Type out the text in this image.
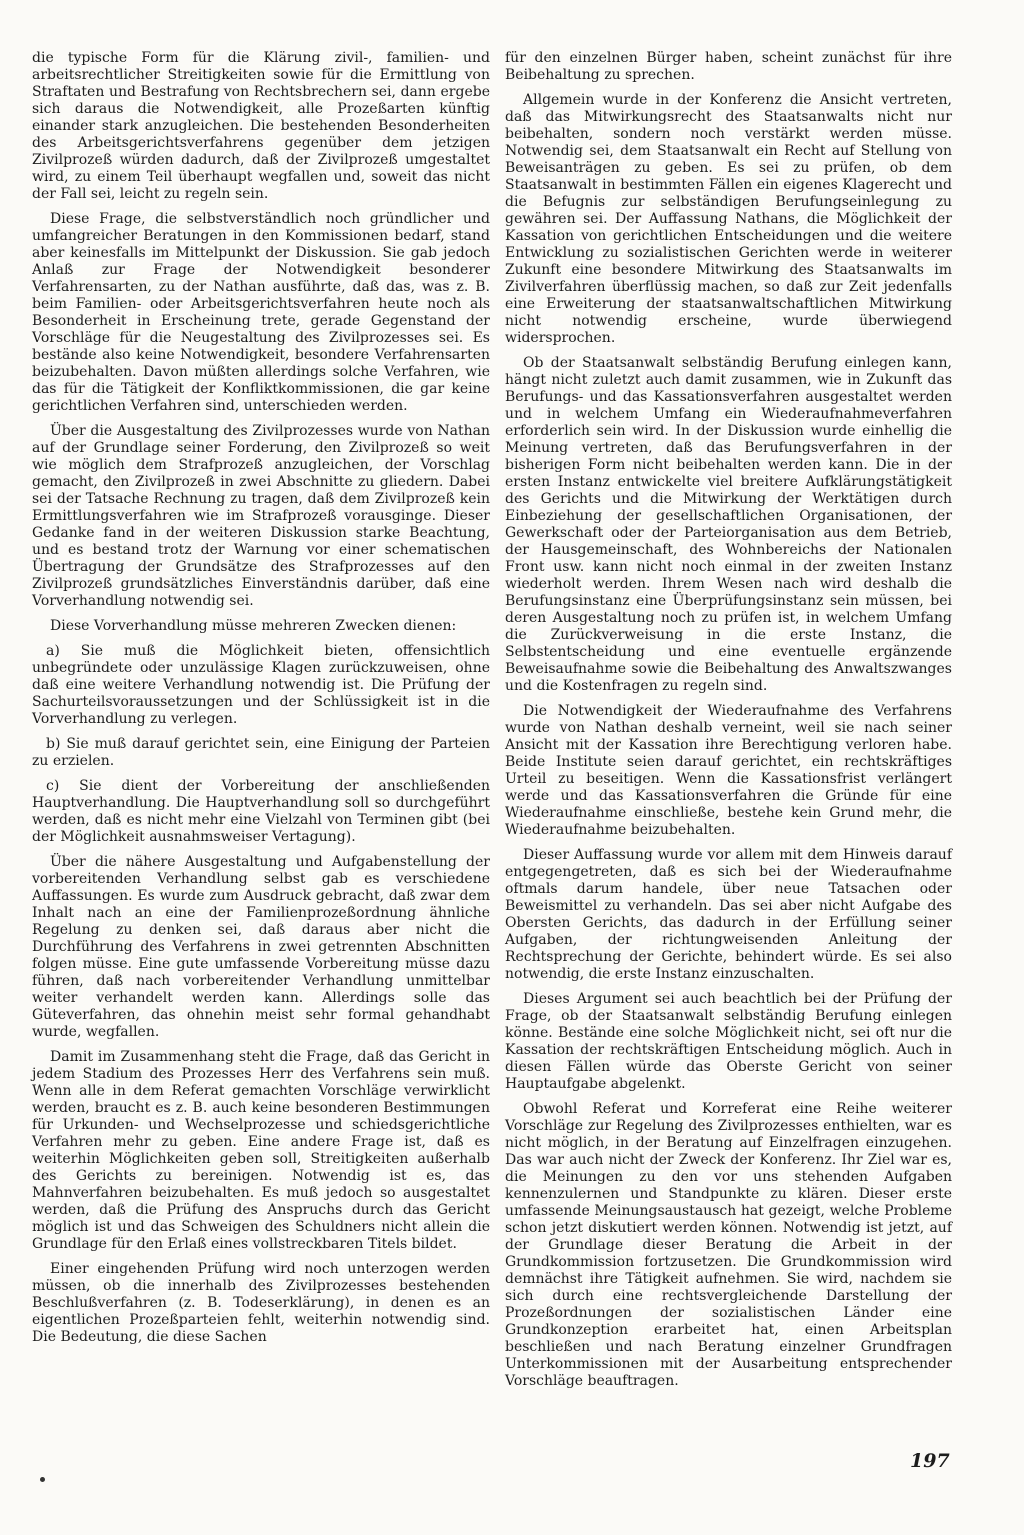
die typische Form für die Klärung zivil-, familien- und arbeitsrechtlicher Streitigkeiten sowie für die Ermittlung von Straftaten und Bestrafung von Rechtsbrechern sei, dann ergebe sich daraus die Notwendigkeit, alle Prozeßarten künftig einander stark anzugleichen. Die bestehenden Besonderheiten des Arbeitsgerichtsverfahrens gegenüber dem jetzigen Zivilprozeß würden dadurch, daß der Zivilprozeß umgestaltet wird, zu einem Teil überhaupt wegfallen und, soweit das nicht der Fall sei, leicht zu regeln sein.

Diese Frage, die selbstverständlich noch gründlicher und umfangreicher Beratungen in den Kommissionen bedarf, stand aber keinesfalls im Mittelpunkt der Diskussion. Sie gab jedoch Anlaß zur Frage der Notwendigkeit besonderer Verfahrensarten, zu der Nathan ausführte, daß das, was z. B. beim Familien- oder Arbeitsgerichtsverfahren heute noch als Besonderheit in Erscheinung trete, gerade Gegenstand der Vorschläge für die Neugestaltung des Zivilprozesses sei. Es bestände also keine Notwendigkeit, besondere Verfahrensarten beizubehalten. Davon müßten allerdings solche Verfahren, wie das für die Tätigkeit der Konfliktkommissionen, die gar keine gerichtlichen Verfahren sind, unterschieden werden.

Über die Ausgestaltung des Zivilprozesses wurde von Nathan auf der Grundlage seiner Forderung, den Zivilprozeß so weit wie möglich dem Strafprozeß anzugleichen, der Vorschlag gemacht, den Zivilprozeß in zwei Abschnitte zu gliedern. Dabei sei der Tatsache Rechnung zu tragen, daß dem Zivilprozeß kein Ermittlungsverfahren wie im Strafprozeß vorausginge. Dieser Gedanke fand in der weiteren Diskussion starke Beachtung, und es bestand trotz der Warnung vor einer schematischen Übertragung der Grundsätze des Strafprozesses auf den Zivilprozeß grundsätzliches Einverständnis darüber, daß eine Vorverhandlung notwendig sei.

Diese Vorverhandlung müsse mehreren Zwecken dienen:

a) Sie muß die Möglichkeit bieten, offensichtlich unbegründete oder unzulässige Klagen zurückzuweisen, ohne daß eine weitere Verhandlung notwendig ist. Die Prüfung der Sachurteilsvoraussetzungen und der Schlüssigkeit ist in die Vorverhandlung zu verlegen.

b) Sie muß darauf gerichtet sein, eine Einigung der Parteien zu erzielen.

c) Sie dient der Vorbereitung der anschließenden Hauptverhandlung. Die Hauptverhandlung soll so durchgeführt werden, daß es nicht mehr eine Vielzahl von Terminen gibt (bei der Möglichkeit ausnahmsweiser Vertagung).

Über die nähere Ausgestaltung und Aufgabenstellung der vorbereitenden Verhandlung selbst gab es verschiedene Auffassungen. Es wurde zum Ausdruck gebracht, daß zwar dem Inhalt nach an eine der Familienprozeßordnung ähnliche Regelung zu denken sei, daß daraus aber nicht die Durchführung des Verfahrens in zwei getrennten Abschnitten folgen müsse. Eine gute umfassende Vorbereitung müsse dazu führen, daß nach vorbereitender Verhandlung unmittelbar weiter verhandelt werden kann. Allerdings solle das Güteverfahren, das ohnehin meist sehr formal gehandhabt wurde, wegfallen.

Damit im Zusammenhang steht die Frage, daß das Gericht in jedem Stadium des Prozesses Herr des Verfahrens sein muß. Wenn alle in dem Referat gemachten Vorschläge verwirklicht werden, braucht es z. B. auch keine besonderen Bestimmungen für Urkunden- und Wechselprozesse und schiedsgerichtliche Verfahren mehr zu geben. Eine andere Frage ist, daß es weiterhin Möglichkeiten geben soll, Streitigkeiten außerhalb des Gerichts zu bereinigen. Notwendig ist es, das Mahnverfahren beizubehalten. Es muß jedoch so ausgestaltet werden, daß die Prüfung des Anspruchs durch das Gericht möglich ist und das Schweigen des Schuldners nicht allein die Grundlage für den Erlaß eines vollstreckbaren Titels bildet.

Einer eingehenden Prüfung wird noch unterzogen werden müssen, ob die innerhalb des Zivilprozesses bestehenden Beschlußverfahren (z. B. Todeserklärung), in denen es an eigentlichen Prozeßparteien fehlt, weiterhin notwendig sind. Die Bedeutung, die diese Sachen

für den einzelnen Bürger haben, scheint zunächst für ihre Beibehaltung zu sprechen.

Allgemein wurde in der Konferenz die Ansicht vertreten, daß das Mitwirkungsrecht des Staatsanwalts nicht nur beibehalten, sondern noch verstärkt werden müsse. Notwendig sei, dem Staatsanwalt ein Recht auf Stellung von Beweisanträgen zu geben. Es sei zu prüfen, ob dem Staatsanwalt in bestimmten Fällen ein eigenes Klagerecht und die Befugnis zur selbständigen Berufungseinlegung zu gewähren sei. Der Auffassung Nathans, die Möglichkeit der Kassation von gerichtlichen Entscheidungen und die weitere Entwicklung zu sozialistischen Gerichten werde in weiterer Zukunft eine besondere Mitwirkung des Staatsanwalts im Zivilverfahren überflüssig machen, so daß zur Zeit jedenfalls eine Erweiterung der staatsanwaltschaftlichen Mitwirkung nicht notwendig erscheine, wurde überwiegend widersprochen.

Ob der Staatsanwalt selbständig Berufung einlegen kann, hängt nicht zuletzt auch damit zusammen, wie in Zukunft das Berufungs- und das Kassationsverfahren ausgestaltet werden und in welchem Umfang ein Wiederaufnahmeverfahren erforderlich sein wird. In der Diskussion wurde einhellig die Meinung vertreten, daß das Berufungsverfahren in der bisherigen Form nicht beibehalten werden kann. Die in der ersten Instanz entwickelte viel breitere Aufklärungstätigkeit des Gerichts und die Mitwirkung der Werktätigen durch Einbeziehung der gesellschaftlichen Organisationen, der Gewerkschaft oder der Parteiorganisation aus dem Betrieb, der Hausgemeinschaft, des Wohnbereichs der Nationalen Front usw. kann nicht noch einmal in der zweiten Instanz wiederholt werden. Ihrem Wesen nach wird deshalb die Berufungsinstanz eine Überprüfungsinstanz sein müssen, bei deren Ausgestaltung noch zu prüfen ist, in welchem Umfang die Zurückverweisung in die erste Instanz, die Selbstentscheidung und eine eventuelle ergänzende Beweisaufnahme sowie die Beibehaltung des Anwaltszwanges und die Kostenfragen zu regeln sind.

Die Notwendigkeit der Wiederaufnahme des Verfahrens wurde von Nathan deshalb verneint, weil sie nach seiner Ansicht mit der Kassation ihre Berechtigung verloren habe. Beide Institute seien darauf gerichtet, ein rechtskräftiges Urteil zu beseitigen. Wenn die Kassationsfrist verlängert werde und das Kassationsverfahren die Gründe für eine Wiederaufnahme einschließe, bestehe kein Grund mehr, die Wiederaufnahme beizubehalten.

Dieser Auffassung wurde vor allem mit dem Hinweis darauf entgegengetreten, daß es sich bei der Wiederaufnahme oftmals darum handele, über neue Tatsachen oder Beweismittel zu verhandeln. Das sei aber nicht Aufgabe des Obersten Gerichts, das dadurch in der Erfüllung seiner Aufgaben, der richtungweisenden Anleitung der Rechtsprechung der Gerichte, behindert würde. Es sei also notwendig, die erste Instanz einzuschalten.

Dieses Argument sei auch beachtlich bei der Prüfung der Frage, ob der Staatsanwalt selbständig Berufung einlegen könne. Bestände eine solche Möglichkeit nicht, sei oft nur die Kassation der rechtskräftigen Entscheidung möglich. Auch in diesen Fällen würde das Oberste Gericht von seiner Hauptaufgabe abgelenkt.

Obwohl Referat und Korreferat eine Reihe weiterer Vorschläge zur Regelung des Zivilprozesses enthielten, war es nicht möglich, in der Beratung auf Einzelfragen einzugehen. Das war auch nicht der Zweck der Konferenz. Ihr Ziel war es, die Meinungen zu den vor uns stehenden Aufgaben kennenzulernen und Standpunkte zu klären. Dieser erste umfassende Meinungsaustausch hat gezeigt, welche Probleme schon jetzt diskutiert werden können. Notwendig ist jetzt, auf der Grundlage dieser Beratung die Arbeit in der Grundkommission fortzusetzen. Die Grundkommission wird demnächst ihre Tätigkeit aufnehmen. Sie wird, nachdem sie sich durch eine rechtsvergleichende Darstellung der Prozeßordnungen der sozialistischen Länder eine Grundkonzeption erarbeitet hat, einen Arbeitsplan beschließen und nach Beratung einzelner Grundfragen Unterkommissionen mit der Ausarbeitung entsprechender Vorschläge beauftragen.

197
